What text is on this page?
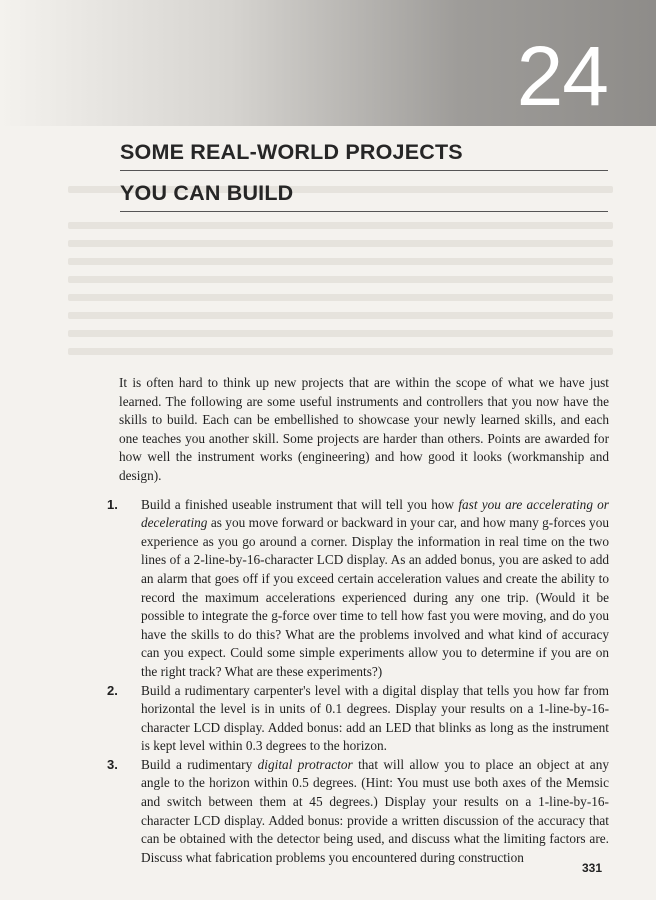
24
SOME REAL-WORLD PROJECTS
YOU CAN BUILD

It is often hard to think up new projects that are within the scope of what we have just learned. The following are some useful instruments and controllers that you now have the skills to build. Each can be embellished to showcase your newly learned skills, and each one teaches you another skill. Some projects are harder than others. Points are awarded for how well the instrument works (engineering) and how good it looks (workmanship and design).

1.	Build a finished useable instrument that will tell you how fast you are accelerating or decelerating as you move forward or backward in your car, and how many g-forces you experience as you go around a corner. Display the information in real time on the two lines of a 2-line-by-16-character LCD display. As an added bonus, you are asked to add an alarm that goes off if you exceed certain acceleration values and create the ability to record the maximum accelerations experienced during any one trip. (Would it be possible to integrate the g-force over time to tell how fast you were moving, and do you have the skills to do this? What are the problems involved and what kind of accuracy can you expect. Could some simple experiments allow you to determine if you are on the right track? What are these experiments?)
2.	Build a rudimentary carpenter's level with a digital display that tells you how far from horizontal the level is in units of 0.1 degrees. Display your results on a 1-line-by-16-character LCD display. Added bonus: add an LED that blinks as long as the instrument is kept level within 0.3 degrees to the horizon.
3.	Build a rudimentary digital protractor that will allow you to place an object at any angle to the horizon within 0.5 degrees. (Hint: You must use both axes of the Memsic and switch between them at 45 degrees.) Display your results on a 1-line-by-16-character LCD display. Added bonus: provide a written discussion of the accuracy that can be obtained with the detector being used, and discuss what the limiting factors are. Discuss what fabrication problems you encountered during construction
331
